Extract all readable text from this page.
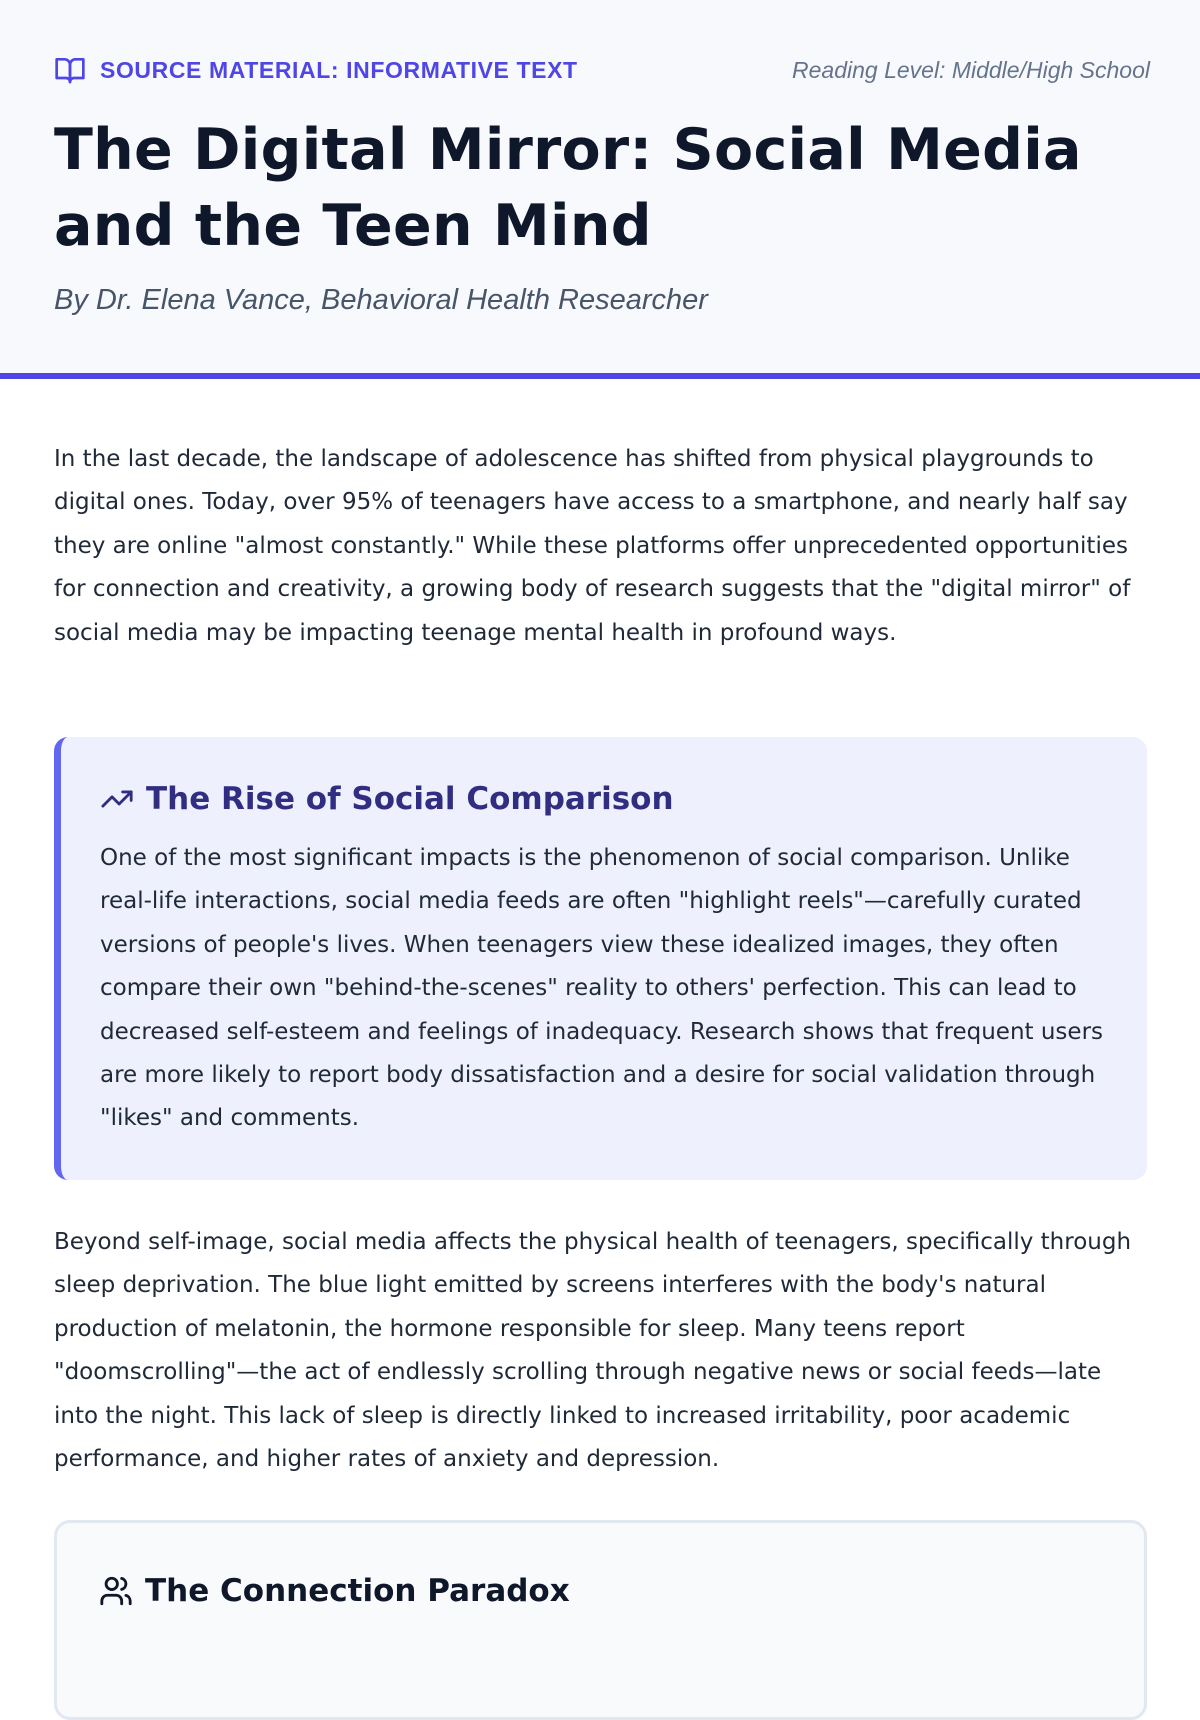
SOURCE MATERIAL: INFORMATIVE TEXT	Reading Level: Middle/High School
The Digital Mirror: Social Media and the Teen Mind
By Dr. Elena Vance, Behavioral Health Researcher

In the last decade, the landscape of adolescence has shifted from physical playgrounds to digital ones. Today, over 95% of teenagers have access to a smartphone, and nearly half say they are online "almost constantly." While these platforms offer unprecedented opportunities for connection and creativity, a growing body of research suggests that the "digital mirror" of social media may be impacting teenage mental health in profound ways.

The Rise of Social Comparison

One of the most significant impacts is the phenomenon of social comparison. Unlike real-life interactions, social media feeds are often "highlight reels"—carefully curated versions of people's lives. When teenagers view these idealized images, they often compare their own "behind-the-scenes" reality to others' perfection. This can lead to decreased self-esteem and feelings of inadequacy. Research shows that frequent users are more likely to report body dissatisfaction and a desire for social validation through "likes" and comments.

Beyond self-image, social media affects the physical health of teenagers, specifically through sleep deprivation. The blue light emitted by screens interferes with the body's natural production of melatonin, the hormone responsible for sleep. Many teens report "doomscrolling"—the act of endlessly scrolling through negative news or social feeds—late into the night. This lack of sleep is directly linked to increased irritability, poor academic performance, and higher rates of anxiety and depression.

The Connection Paradox
